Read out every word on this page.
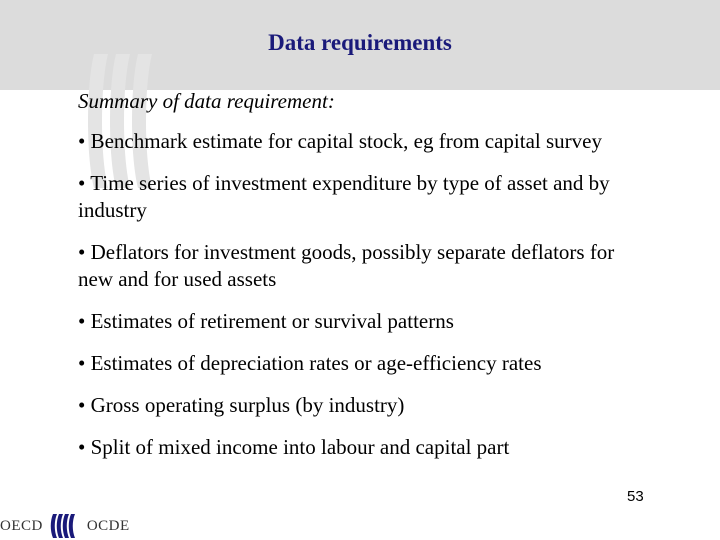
Data requirements

Summary of data requirement:

• Benchmark estimate for capital stock, eg from capital survey

• Time series of investment expenditure by type of asset and by industry

• Deflators for investment goods, possibly separate deflators for new and for used assets

• Estimates of retirement or survival patterns

• Estimates of depreciation rates or age-efficiency rates

• Gross operating surplus (by industry)

• Split of mixed income into labour and capital part

53
OECD	OCDE
